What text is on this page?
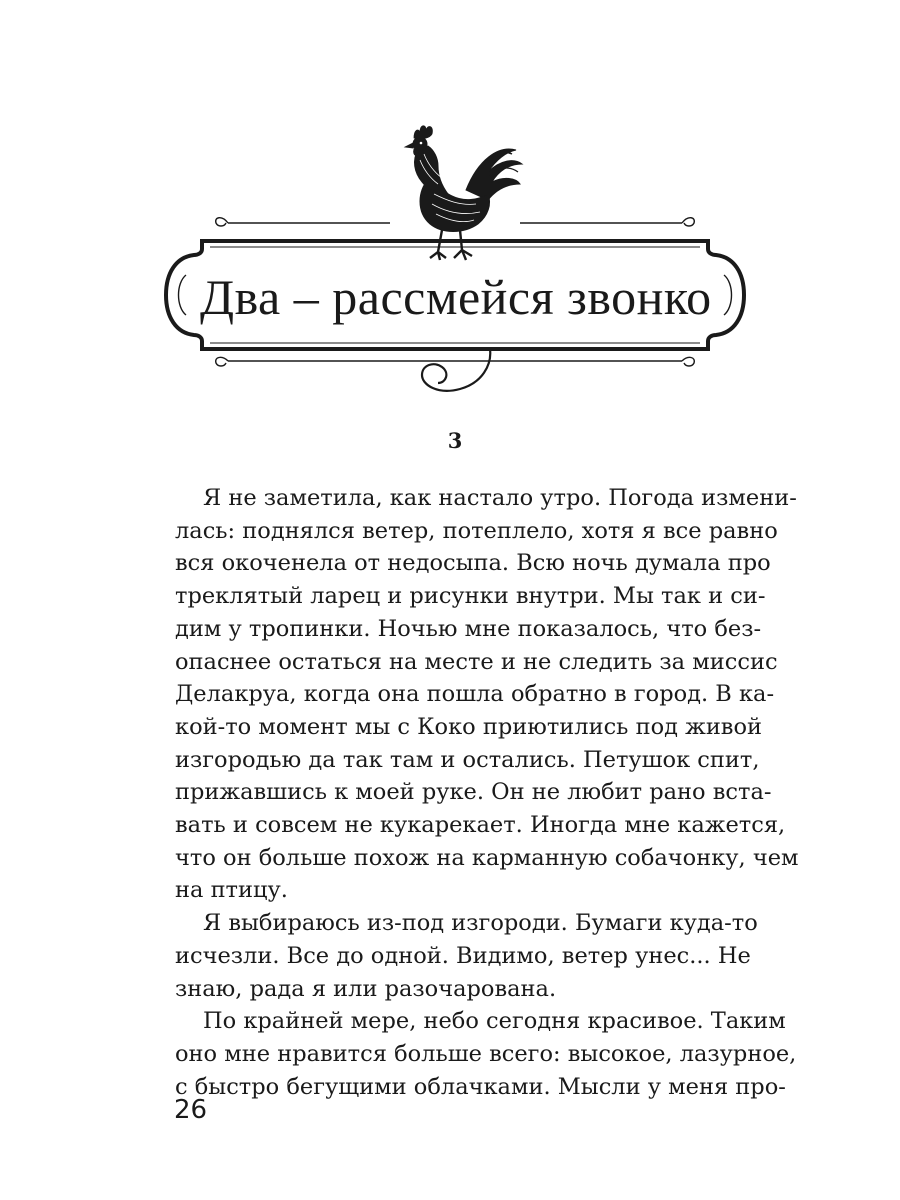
Два – рассмейся звонко
3
Я не заметила, как настало утро. Погода измени-
лась: поднялся ветер, потеплело, хотя я все равно
вся окоченела от недосыпа. Всю ночь думала про
треклятый ларец и рисунки внутри. Мы так и си-
дим у тропинки. Ночью мне показалось, что без-
опаснее остаться на месте и не следить за миссис
Делакруа, когда она пошла обратно в город. В ка-
кой-то момент мы с Коко приютились под живой
изгородью да так там и остались. Петушок спит,
прижавшись к моей руке. Он не любит рано вста-
вать и совсем не кукарекает. Иногда мне кажется,
что он больше похож на карманную собачонку, чем
на птицу.
Я выбираюсь из-под изгороди. Бумаги куда-то
исчезли. Все до одной. Видимо, ветер унес... Не
знаю, рада я или разочарована.
По крайней мере, небо сегодня красивое. Таким
оно мне нравится больше всего: высокое, лазурное,
с быстро бегущими облачками. Мысли у меня про-
26
